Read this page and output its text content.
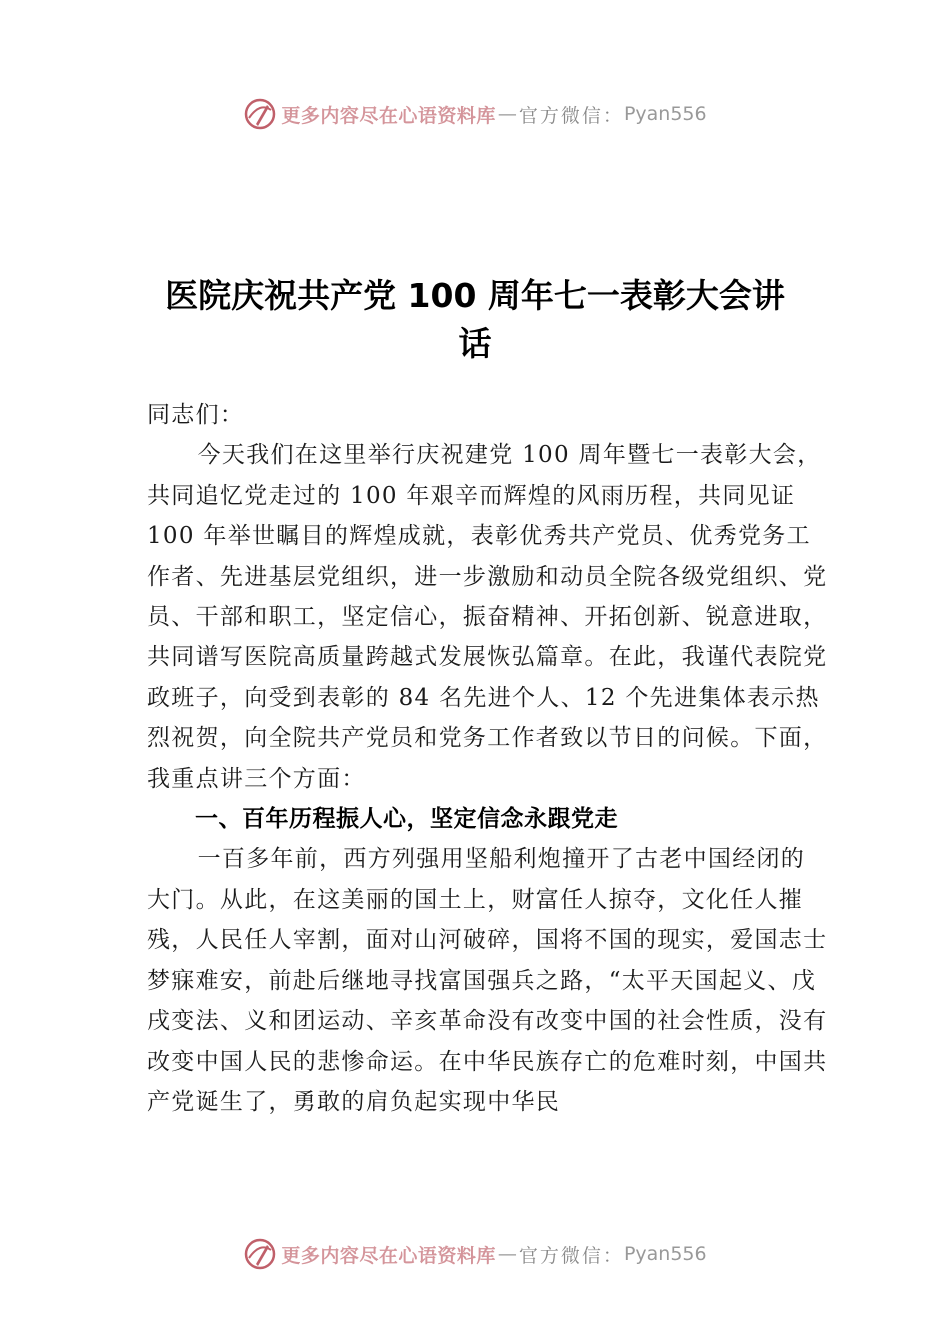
更多内容尽在心语资料库 — 官方微信： Pyan556
医院庆祝共产党 100 周年七一表彰大会讲
话

同志们：

今天我们在这里举行庆祝建党 100 周年暨七一表彰大会，共同追忆党走过的 100 年艰辛而辉煌的风雨历程，共同见证 100 年举世瞩目的辉煌成就，表彰优秀共产党员、优秀党务工作者、先进基层党组织，进一步激励和动员全院各级党组织、党员、干部和职工，坚定信心，振奋精神、开拓创新、锐意进取，共同谱写医院高质量跨越式发展恢弘篇章。在此，我谨代表院党政班子，向受到表彰的 84 名先进个人、12 个先进集体表示热烈祝贺，向全院共产党员和党务工作者致以节日的问候。下面，我重点讲三个方面：

一、百年历程振人心，坚定信念永跟党走

一百多年前，西方列强用坚船利炮撞开了古老中国经闭的大门。从此，在这美丽的国土上，财富任人掠夺，文化任人摧残，人民任人宰割，面对山河破碎，国将不国的现实，爱国志士梦寐难安，前赴后继地寻找富国强兵之路，“太平天国起义、戊戌变法、义和团运动、辛亥革命没有改变中国的社会性质，没有改变中国人民的悲惨命运。在中华民族存亡的危难时刻，中国共产党诞生了，勇敢的肩负起实现中华民

更多内容尽在心语资料库 — 官方微信： Pyan556
